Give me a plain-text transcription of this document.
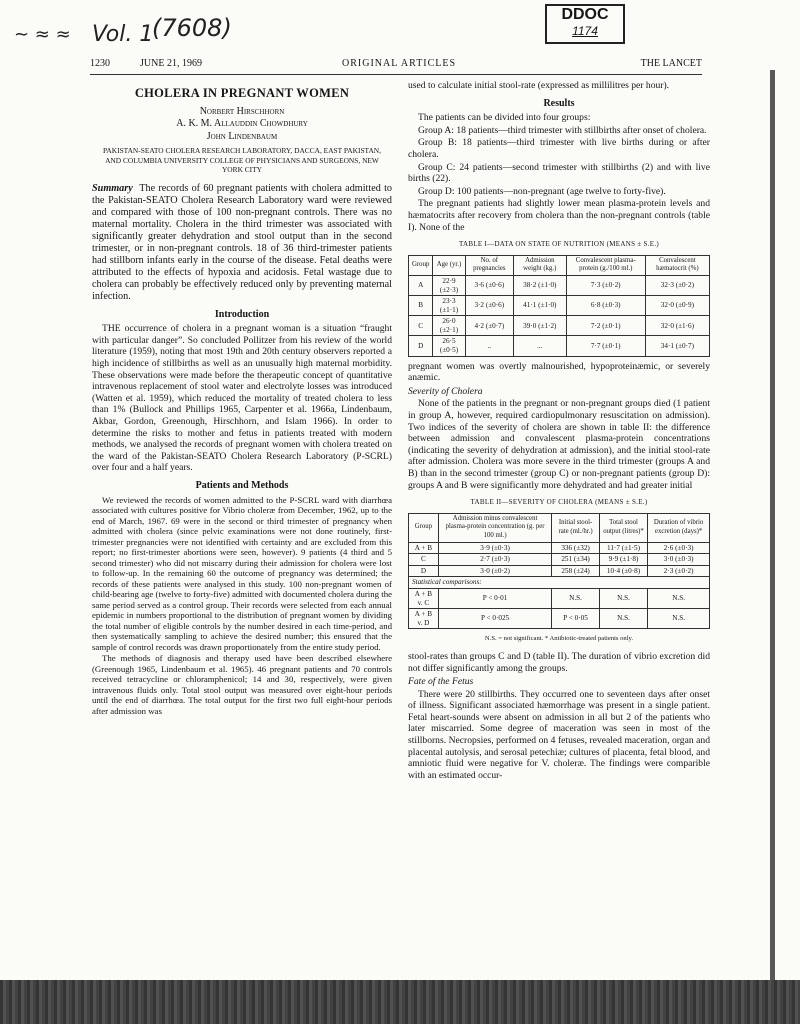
~ ≈ ≈ Vol. 1
(7608)	DDOC
1174
1230	JUNE 21, 1969	ORIGINAL ARTICLES	THE LANCET
CHOLERA IN PREGNANT WOMEN
Norbert Hirschhorn
A. K. M. Allauddin Chowdhury
John Lindenbaum
PAKISTAN-SEATO CHOLERA RESEARCH LABORATORY, DACCA, EAST PAKISTAN, AND COLUMBIA UNIVERSITY COLLEGE OF PHYSICIANS AND SURGEONS, NEW YORK CITY

Summary The records of 60 pregnant patients with cholera admitted to the Pakistan-SEATO Cholera Research Laboratory ward were reviewed and compared with those of 100 non-pregnant controls. There was no maternal mortality. Cholera in the third trimester was associated with significantly greater dehydration and stool output than in the second trimester, or in non-pregnant controls. 18 of 36 third-trimester patients had stillborn infants early in the course of the disease. Fetal deaths were attributed to the effects of hypoxia and acidosis. Fetal wastage due to cholera can probably be effectively reduced only by preventing maternal infection.

Introduction

THE occurrence of cholera in a pregnant woman is a situation “fraught with particular danger”. So concluded Pollitzer from his review of the world literature (1959), noting that most 19th and 20th century observers reported a high incidence of stillbirths as well as an unusually high maternal morbidity. These observations were made before the therapeutic concept of quantitative intravenous replacement of stool water and electrolyte losses was introduced (Watten et al. 1959), which reduced the mortality of treated cholera to less than 1% (Bullock and Phillips 1965, Carpenter et al. 1966a, Lindenbaum, Akbar, Gordon, Greenough, Hirschhorn, and Islam 1966). In order to determine the risks to mother and fetus in patients treated with modern methods, we analysed the records of pregnant women with cholera treated on the ward of the Pakistan-SEATO Cholera Research Laboratory (P-SCRL) over four and a half years.

Patients and Methods

We reviewed the records of women admitted to the P-SCRL ward with diarrhœa associated with cultures positive for Vibrio choleræ from December, 1962, up to the end of March, 1967. 69 were in the second or third trimester of pregnancy when admitted with cholera (since pelvic examinations were not done routinely, first-trimester pregnancies were not identified with certainty and are excluded from this report; no first-trimester abortions were seen, however). 9 patients (4 third and 5 second trimester) who did not miscarry during their admission for cholera were lost to follow-up. In the remaining 60 the outcome of pregnancy was determined; the records of these patients were analysed in this study. 100 non-pregnant women of child-bearing age (twelve to forty-five) admitted with documented cholera during the same period served as a control group. Their records were selected from each annual epidemic in numbers proportional to the distribution of pregnant women by dividing the total number of eligible controls by the number desired in each time-period, and then systematically sampling to achieve the desired number; this ensured that the sample of control records was drawn proportionately from the entire study period.

The methods of diagnosis and therapy used have been described elsewhere (Greenough 1965, Lindenbaum et al. 1965). 46 pregnant patients and 70 controls received tetracycline or chloramphenicol; 14 and 30, respectively, were given intravenous fluids only. Total stool output was measured over eight-hour periods until the end of diarrhœa. The total output for the first two full eight-hour periods after admission was

used to calculate initial stool-rate (expressed as millilitres per hour).

Results

The patients can be divided into four groups:

Group A: 18 patients—third trimester with stillbirths after onset of cholera.

Group B: 18 patients—third trimester with live births during or after cholera.

Group C: 24 patients—second trimester with stillbirths (2) and with live births (22).

Group D: 100 patients—non-pregnant (age twelve to forty-five).

The pregnant patients had slightly lower mean plasma-protein levels and hæmatocrits after recovery from cholera than the non-pregnant controls (table I). None of the

TABLE I—DATA ON STATE OF NUTRITION (MEANS ± S.E.)
Group	Age (yr.)	No. of pregnancies	Admission weight (kg.)	Convalescent plasma-protein (g./100 ml.)	Convalescent hæmatocrit (%)
A	22·9 (±2·3)	3·6 (±0·6)	38·2 (±1·0)	7·3 (±0·2)	32·3 (±0·2)
B	23·3 (±1·1)	3·2 (±0·6)	41·1 (±1·0)	6·8 (±0·3)	32·0 (±0·9)
C	26·0 (±2·1)	4·2 (±0·7)	39·0 (±1·2)	7·2 (±0·1)	32·0 (±1·6)
D	26·5 (±0·5)	..	...	7·7 (±0·1)	34·1 (±0·7)

pregnant women was overtly malnourished, hypoproteinæmic, or severely anæmic.

Severity of Cholera

None of the patients in the pregnant or non-pregnant groups died (1 patient in group A, however, required cardiopulmonary resuscitation on admission). Two indices of the severity of cholera are shown in table II: the difference between admission and convalescent plasma-protein concentrations (indicating the severity of dehydration at admission), and the initial stool-rate after admission. Cholera was more severe in the third trimester (groups A and B) than in the second trimester (group C) or non-pregnant patients (group D): groups A and B were significantly more dehydrated and had greater initial

TABLE II—SEVERITY OF CHOLERA (MEANS ± S.E.)
Group	Admission minus convalescent plasma-protein concentration (g. per 100 ml.)	Initial stool-rate (ml./hr.)	Total stool output (litres)*	Duration of vibrio excretion (days)*
A + B	3·9 (±0·3)	336 (±32)	11·7 (±1·5)	2·6 (±0·3)
C	2·7 (±0·3)	251 (±34)	9·9 (±1·8)	3·0 (±0·3)
D	3·0 (±0·2)	258 (±24)	10·4 (±0·8)	2·3 (±0·2)
Statistical comparisons:				
A + B v. C	P < 0·01	N.S.	N.S.	N.S.
A + B v. D	P < 0·025	P < 0·05	N.S.	N.S.
N.S. = not significant. * Antibiotic-treated patients only.

stool-rates than groups C and D (table II). The duration of vibrio excretion did not differ significantly among the groups.

Fate of the Fetus

There were 20 stillbirths. They occurred one to seventeen days after onset of illness. Significant associated hæmorrhage was present in a single patient. Fetal heart-sounds were absent on admission in all but 2 of the patients who later miscarried. Some degree of maceration was seen in most of the stillborns. Necropsies, performed on 4 fetuses, revealed maceration, organ and placental autolysis, and serosal petechiæ; cultures of placenta, fetal blood, and amniotic fluid were negative for V. choleræ. The findings were comparible with an estimated occur-
